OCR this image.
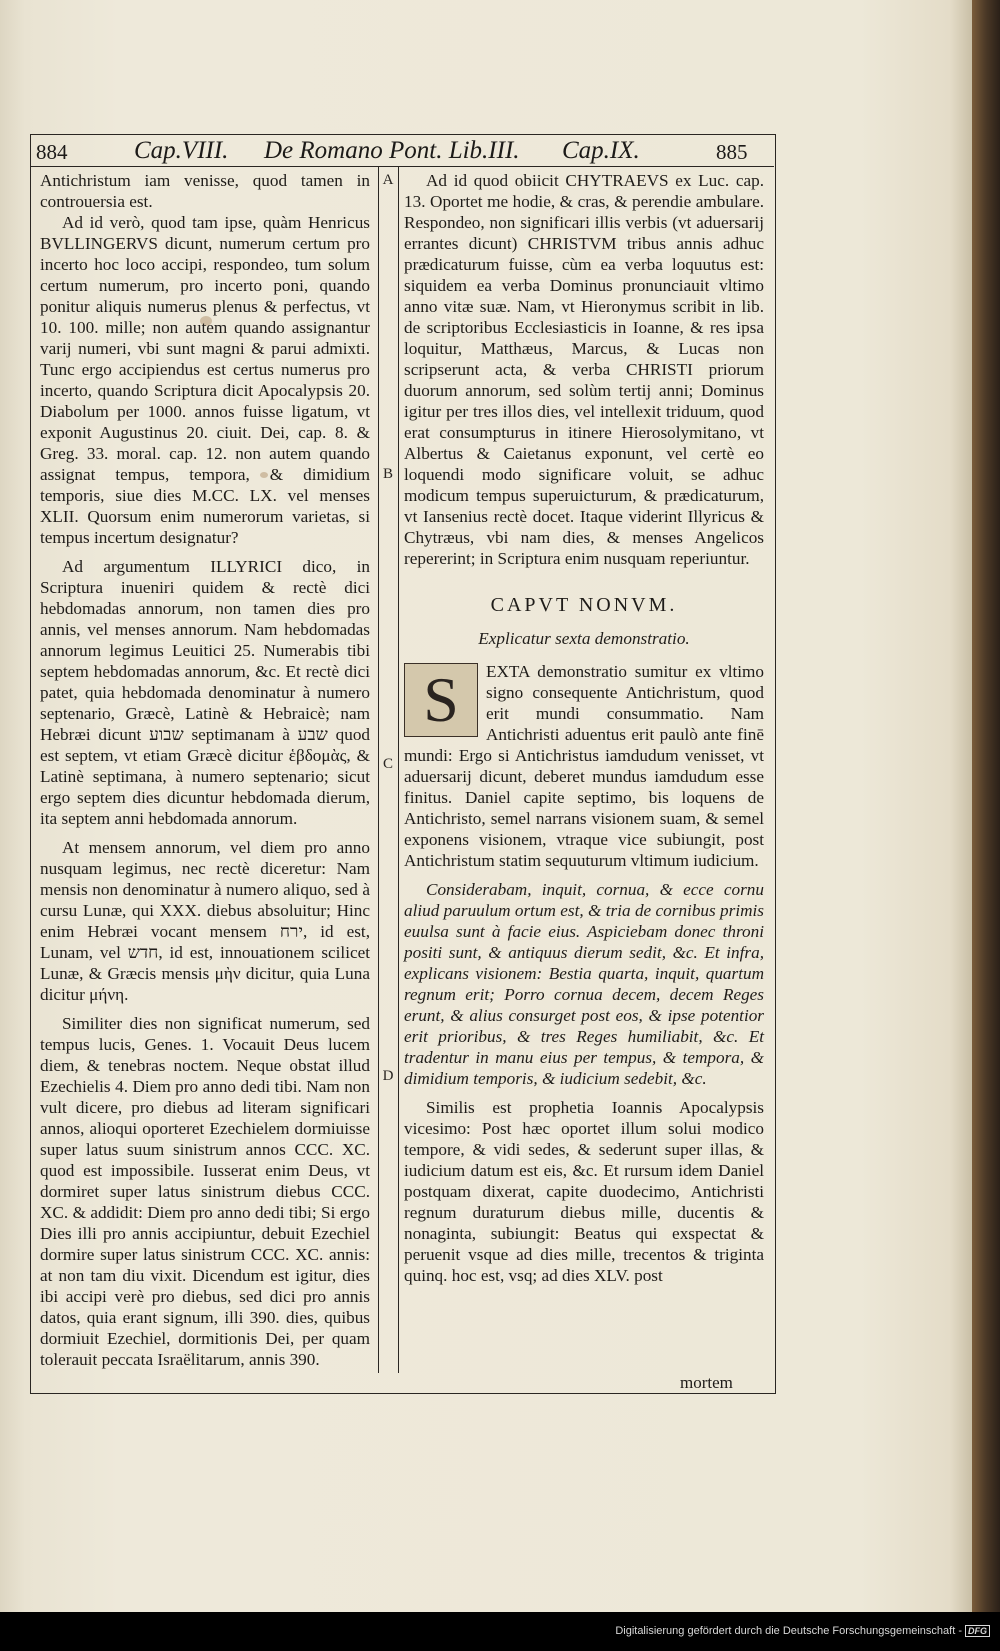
884	Cap.VIII. De Romano Pont. Lib.III. Cap.IX.	885
A
B
C
D

Antichristum iam venisse, quod tamen in controuersia est.

Ad id verò, quod tam ipse, quàm Henricus BVLLINGERVS dicunt, numerum certum pro incerto hoc loco accipi, respondeo, tum solum certum numerum, pro incerto poni, quando ponitur aliquis numerus plenus & perfectus, vt 10. 100. mille; non autem quando assignantur varij numeri, vbi sunt magni & parui admixti. Tunc ergo accipiendus est certus numerus pro incerto, quando Scriptura dicit Apocalypsis 20. Diabolum per 1000. annos fuisse ligatum, vt exponit Augustinus 20. ciuit. Dei, cap. 8. & Greg. 33. moral. cap. 12. non autem quando assignat tempus, tempora, & dimidium temporis, siue dies M.CC. LX. vel menses XLII. Quorsum enim numerorum varietas, si tempus incertum designatur?

Ad argumentum ILLYRICI dico, in Scriptura inueniri quidem & rectè dici hebdomadas annorum, non tamen dies pro annis, vel menses annorum. Nam hebdomadas annorum legimus Leuitici 25. Numerabis tibi septem hebdomadas annorum, &c. Et rectè dici patet, quia hebdomada denominatur à numero septenario, Græcè, Latinè & Hebraicè; nam Hebræi dicunt שבוע septimanam à שבע quod est septem, vt etiam Græcè dicitur ἑβδομὰς, & Latinè septimana, à numero septenario; sicut ergo septem dies dicuntur hebdomada dierum, ita septem anni hebdomada annorum.

At mensem annorum, vel diem pro anno nusquam legimus, nec rectè diceretur: Nam mensis non denominatur à numero aliquo, sed à cursu Lunæ, qui XXX. diebus absoluitur; Hinc enim Hebræi vocant mensem ירח, id est, Lunam, vel חדש, id est, innouationem scilicet Lunæ, & Græcis mensis μὴν dicitur, quia Luna dicitur μήνη.

Similiter dies non significat numerum, sed tempus lucis, Genes. 1. Vocauit Deus lucem diem, & tenebras noctem. Neque obstat illud Ezechielis 4. Diem pro anno dedi tibi. Nam non vult dicere, pro diebus ad literam significari annos, alioqui oporteret Ezechielem dormiuisse super latus suum sinistrum annos CCC. XC. quod est impossibile. Iusserat enim Deus, vt dormiret super latus sinistrum diebus CCC. XC. & addidit: Diem pro anno dedi tibi; Si ergo Dies illi pro annis accipiuntur, debuit Ezechiel dormire super latus sinistrum CCC. XC. annis: at non tam diu vixit. Dicendum est igitur, dies ibi accipi verè pro diebus, sed dici pro annis datos, quia erant signum, illi 390. dies, quibus dormiuit Ezechiel, dormitionis Dei, per quam tolerauit peccata Israëlitarum, annis 390.

Ad id quod obiicit CHYTRAEVS ex Luc. cap. 13. Oportet me hodie, & cras, & perendie ambulare. Respondeo, non significari illis verbis (vt aduersarij errantes dicunt) CHRISTVM tribus annis adhuc prædicaturum fuisse, cùm ea verba loquutus est: siquidem ea verba Dominus pronunciauit vltimo anno vitæ suæ. Nam, vt Hieronymus scribit in lib. de scriptoribus Ecclesiasticis in Ioanne, & res ipsa loquitur, Matthæus, Marcus, & Lucas non scripserunt acta, & verba CHRISTI priorum duorum annorum, sed solùm tertij anni; Dominus igitur per tres illos dies, vel intellexit triduum, quod erat consumpturus in itinere Hierosolymitano, vt Albertus & Caietanus exponunt, vel certè eo loquendi modo significare voluit, se adhuc modicum tempus superuicturum, & prædicaturum, vt Iansenius rectè docet. Itaque viderint Illyricus & Chytræus, vbi nam dies, & menses Angelicos repererint; in Scriptura enim nusquam reperiuntur.

CAPVT NONVM.
Explicatur sexta demonstratio.
S	EXTA demonstratio sumitur ex vltimo signo consequente Antichristum, quod erit mundi consummatio. Nam Antichristi aduentus erit paulò ante finē mundi: Ergo si Antichristus iamdudum venisset, vt aduersarij dicunt, deberet mundus iamdudum esse finitus. Daniel capite septimo, bis loquens de Antichristo, semel narrans visionem suam, & semel exponens visionem, vtraque vice subiungit, post Antichristum statim sequuturum vltimum iudicium.

Considerabam, inquit, cornua, & ecce cornu aliud paruulum ortum est, & tria de cornibus primis euulsa sunt à facie eius. Aspiciebam donec throni positi sunt, & antiquus dierum sedit, &c. Et infra, explicans visionem: Bestia quarta, inquit, quartum regnum erit; Porro cornua decem, decem Reges erunt, & alius consurget post eos, & ipse potentior erit prioribus, & tres Reges humiliabit, &c. Et tradentur in manu eius per tempus, & tempora, & dimidium temporis, & iudicium sedebit, &c.

Similis est prophetia Ioannis Apocalypsis vicesimo: Post hæc oportet illum solui modico tempore, & vidi sedes, & sederunt super illas, & iudicium datum est eis, &c. Et rursum idem Daniel postquam dixerat, capite duodecimo, Antichristi regnum duraturum diebus mille, ducentis & nonaginta, subiungit: Beatus qui exspectat & peruenit vsque ad dies mille, trecentos & triginta quinq. hoc est, vsq; ad dies XLV. post

mortem
Digitalisierung gefördert durch die Deutsche Forschungsgemeinschaft - DFG
